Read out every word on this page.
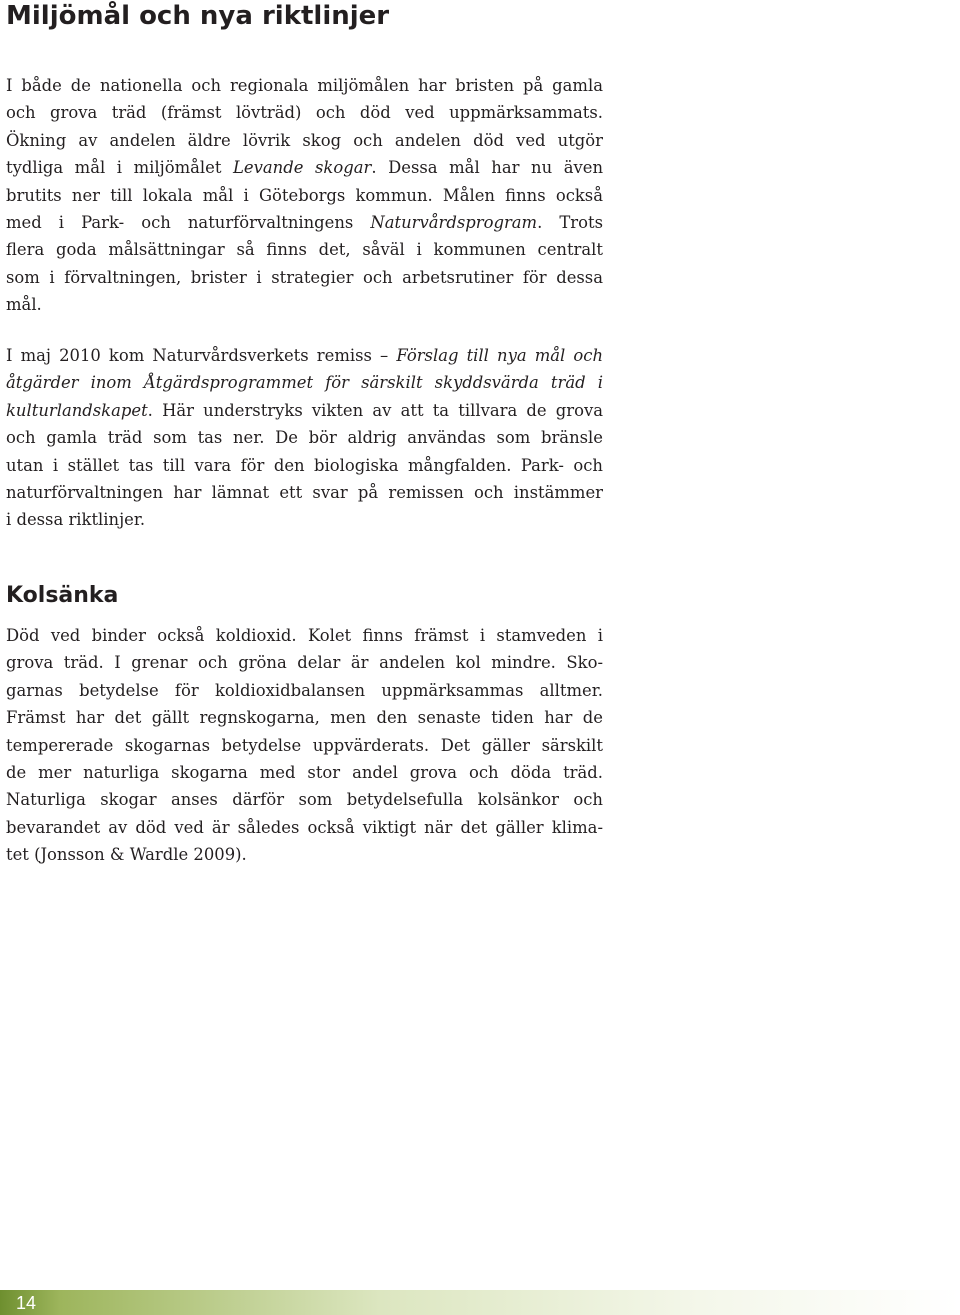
Miljömål och nya riktlinjer

I både de nationella och regionala miljömålen har bristen på gamla
och grova träd (främst lövträd) och död ved uppmärksammats.
Ökning av andelen äldre lövrik skog och andelen död ved utgör
tydliga mål i miljömålet Levande skogar. Dessa mål har nu även
brutits ner till lokala mål i Göteborgs kommun. Målen finns också
med i Park- och naturförvaltningens Naturvårdsprogram. Trots
flera goda målsättningar så finns det, såväl i kommunen centralt
som i förvaltningen, brister i strategier och arbetsrutiner för dessa
mål.

I maj 2010 kom Naturvårdsverkets remiss – Förslag till nya mål och
åtgärder inom Åtgärdsprogrammet för särskilt skyddsvärda träd i
kulturlandskapet. Här understryks vikten av att ta tillvara de grova
och gamla träd som tas ner. De bör aldrig användas som bränsle
utan i stället tas till vara för den biologiska mångfalden. Park- och
naturförvaltningen har lämnat ett svar på remissen och instämmer
i dessa riktlinjer.

Kolsänka

Död ved binder också koldioxid. Kolet finns främst i stamveden i
grova träd. I grenar och gröna delar är andelen kol mindre. Sko-
garnas betydelse för koldioxidbalansen uppmärksammas alltmer.
Främst har det gällt regnskogarna, men den senaste tiden har de
tempererade skogarnas betydelse uppvärderats. Det gäller särskilt
de mer naturliga skogarna med stor andel grova och döda träd.
Naturliga skogar anses därför som betydelsefulla kolsänkor och
bevarandet av död ved är således också viktigt när det gäller klima-
tet (Jonsson & Wardle 2009).

14
